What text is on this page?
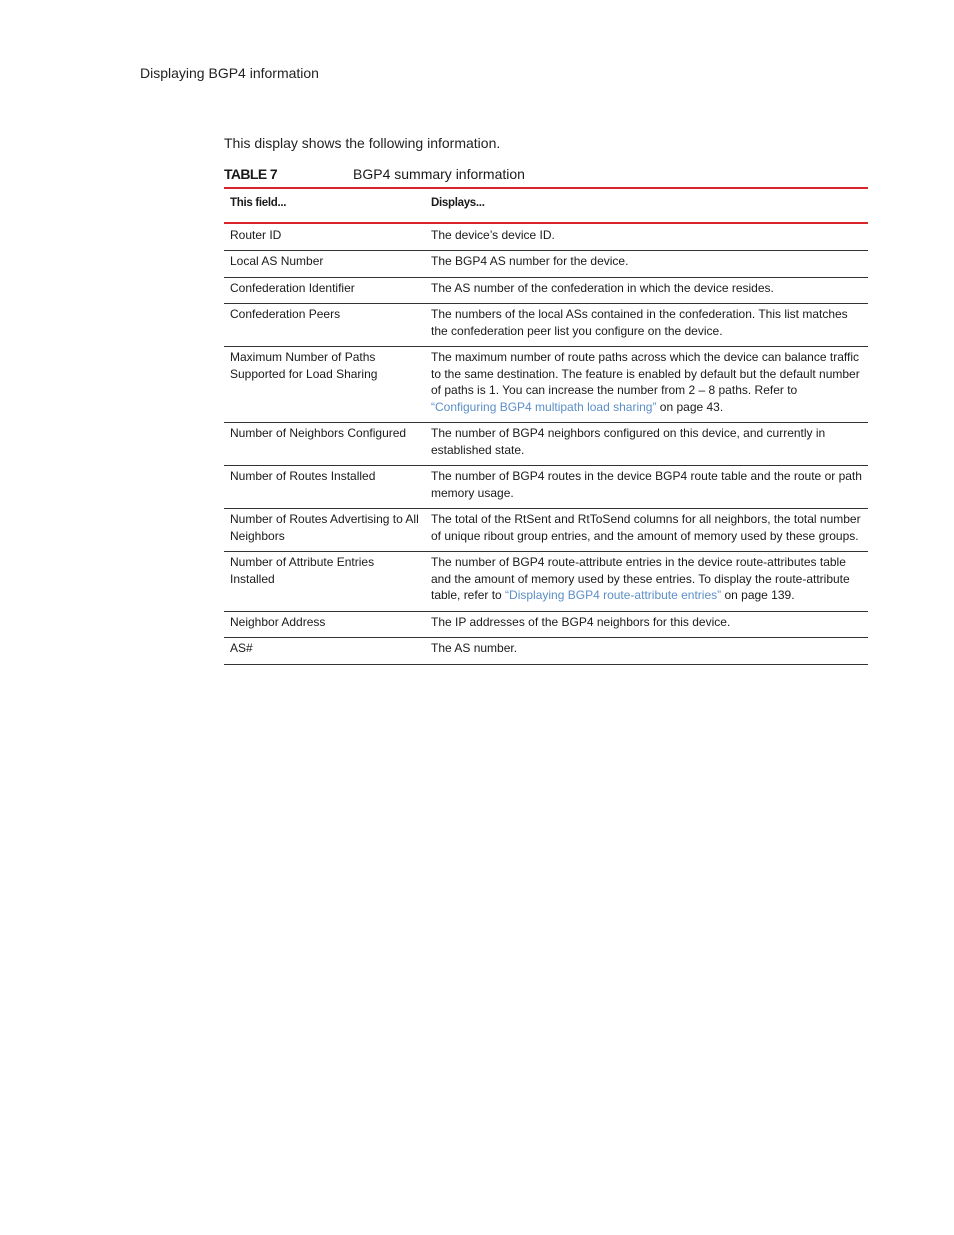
Displaying BGP4 information
This display shows the following information.
TABLE 7	BGP4 summary information
This field...	Displays...
Router ID	The device’s device ID.
Local AS Number	The BGP4 AS number for the device.
Confederation Identifier	The AS number of the confederation in which the device resides.
Confederation Peers	The numbers of the local ASs contained in the confederation. This list matches the confederation peer list you configure on the device.
Maximum Number of Paths Supported for Load Sharing	The maximum number of route paths across which the device can balance traffic to the same destination. The feature is enabled by default but the default number of paths is 1. You can increase the number from 2 – 8 paths. Refer to “Configuring BGP4 multipath load sharing” on page 43.
Number of Neighbors Configured	The number of BGP4 neighbors configured on this device, and currently in established state.
Number of Routes Installed	The number of BGP4 routes in the device BGP4 route table and the route or path memory usage.
Number of Routes Advertising to All Neighbors	The total of the RtSent and RtToSend columns for all neighbors, the total number of unique ribout group entries, and the amount of memory used by these groups.
Number of Attribute Entries Installed	The number of BGP4 route-attribute entries in the device route-attributes table and the amount of memory used by these entries. To display the route-attribute table, refer to “Displaying BGP4 route-attribute entries” on page 139.
Neighbor Address	The IP addresses of the BGP4 neighbors for this device.
AS#	The AS number.
